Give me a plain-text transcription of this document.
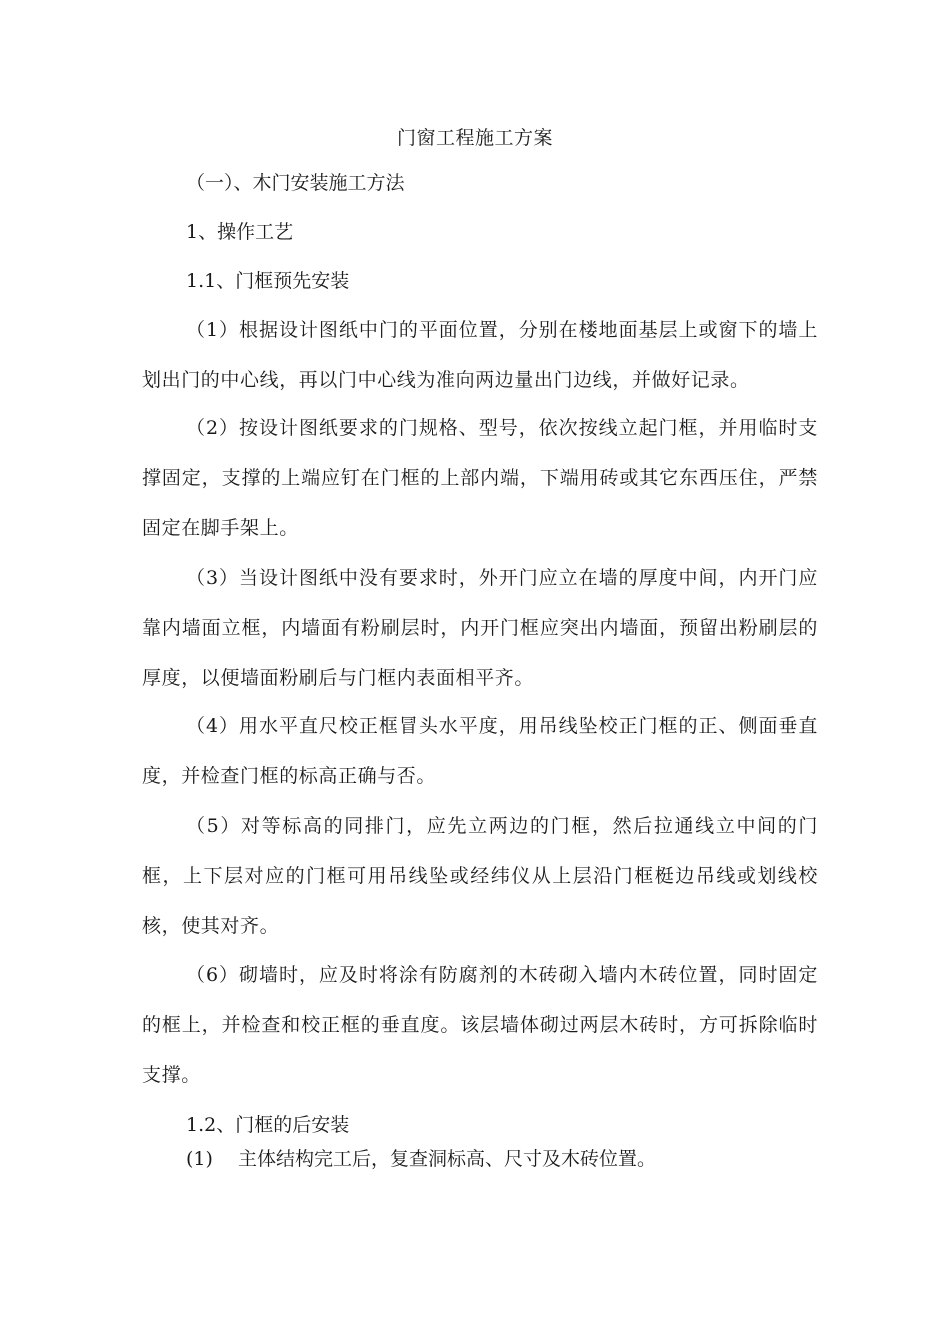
门窗工程施工方案
（一）、木门安装施工方法
1、操作工艺
1.1、门框预先安装

（1）根据设计图纸中门的平面位置，分别在楼地面基层上或窗下的墙上划出门的中心线，再以门中心线为准向两边量出门边线，并做好记录。

（2）按设计图纸要求的门规格、型号，依次按线立起门框，并用临时支撑固定，支撑的上端应钉在门框的上部内端，下端用砖或其它东西压住，严禁固定在脚手架上。

（3）当设计图纸中没有要求时，外开门应立在墙的厚度中间，内开门应靠内墙面立框，内墙面有粉刷层时，内开门框应突出内墙面，预留出粉刷层的厚度，以便墙面粉刷后与门框内表面相平齐。

（4）用水平直尺校正框冒头水平度，用吊线坠校正门框的正、侧面垂直度，并检查门框的标高正确与否。

（5）对等标高的同排门，应先立两边的门框，然后拉通线立中间的门框，上下层对应的门框可用吊线坠或经纬仪从上层沿门框梃边吊线或划线校核，使其对齐。

（6）砌墙时，应及时将涂有防腐剂的木砖砌入墙内木砖位置，同时固定的框上，并检查和校正框的垂直度。该层墙体砌过两层木砖时，方可拆除临时支撑。

1.2、门框的后安装
(1) 主体结构完工后，复查洞标高、尺寸及木砖位置。
